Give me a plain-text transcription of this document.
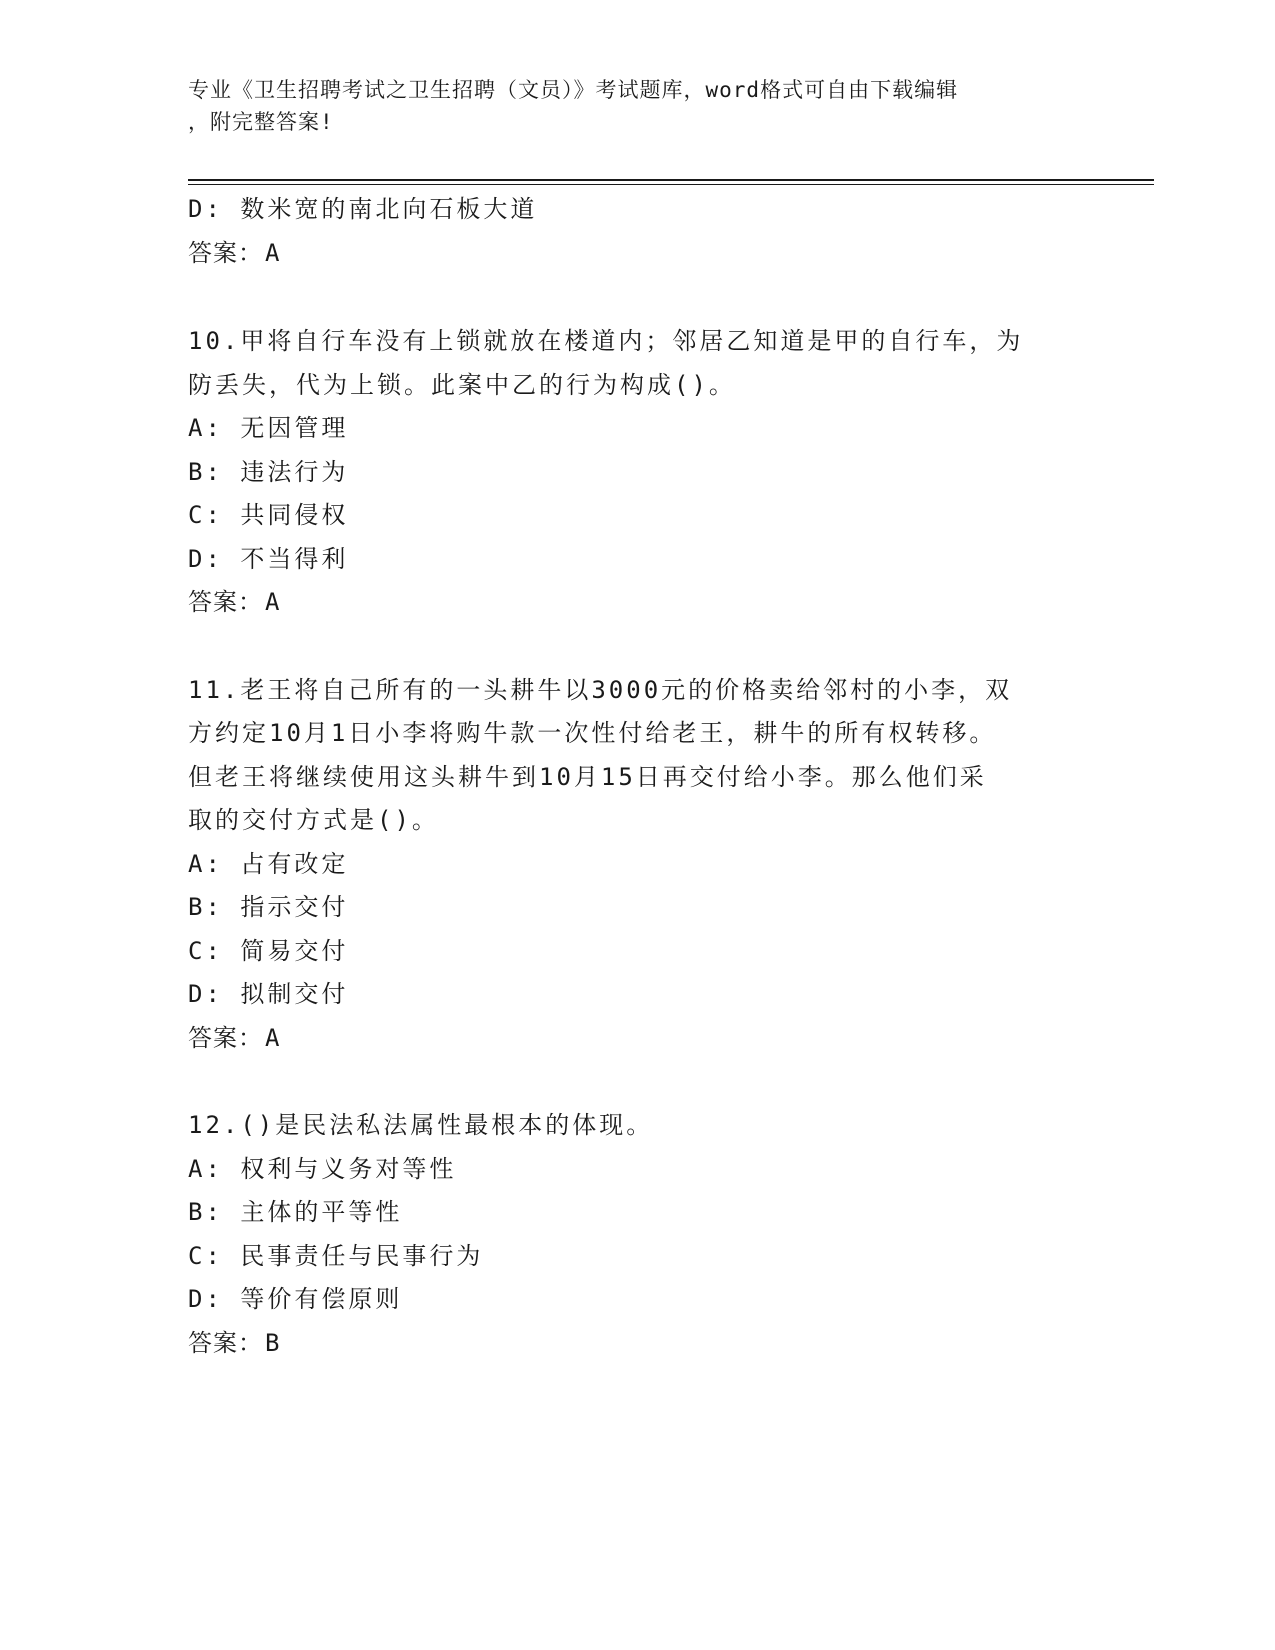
专业《卫生招聘考试之卫生招聘（文员）》考试题库，word格式可自由下载编辑
，附完整答案!
D: 数米宽的南北向石板大道
答案：A
10.甲将自行车没有上锁就放在楼道内；邻居乙知道是甲的自行车，为
防丢失，代为上锁。此案中乙的行为构成()。
A: 无因管理
B: 违法行为
C: 共同侵权
D: 不当得利
答案：A
11.老王将自己所有的一头耕牛以3000元的价格卖给邻村的小李，双
方约定10月1日小李将购牛款一次性付给老王，耕牛的所有权转移。
但老王将继续使用这头耕牛到10月15日再交付给小李。那么他们采
取的交付方式是()。
A: 占有改定
B: 指示交付
C: 简易交付
D: 拟制交付
答案：A
12.()是民法私法属性最根本的体现。
A: 权利与义务对等性
B: 主体的平等性
C: 民事责任与民事行为
D: 等价有偿原则
答案：B
